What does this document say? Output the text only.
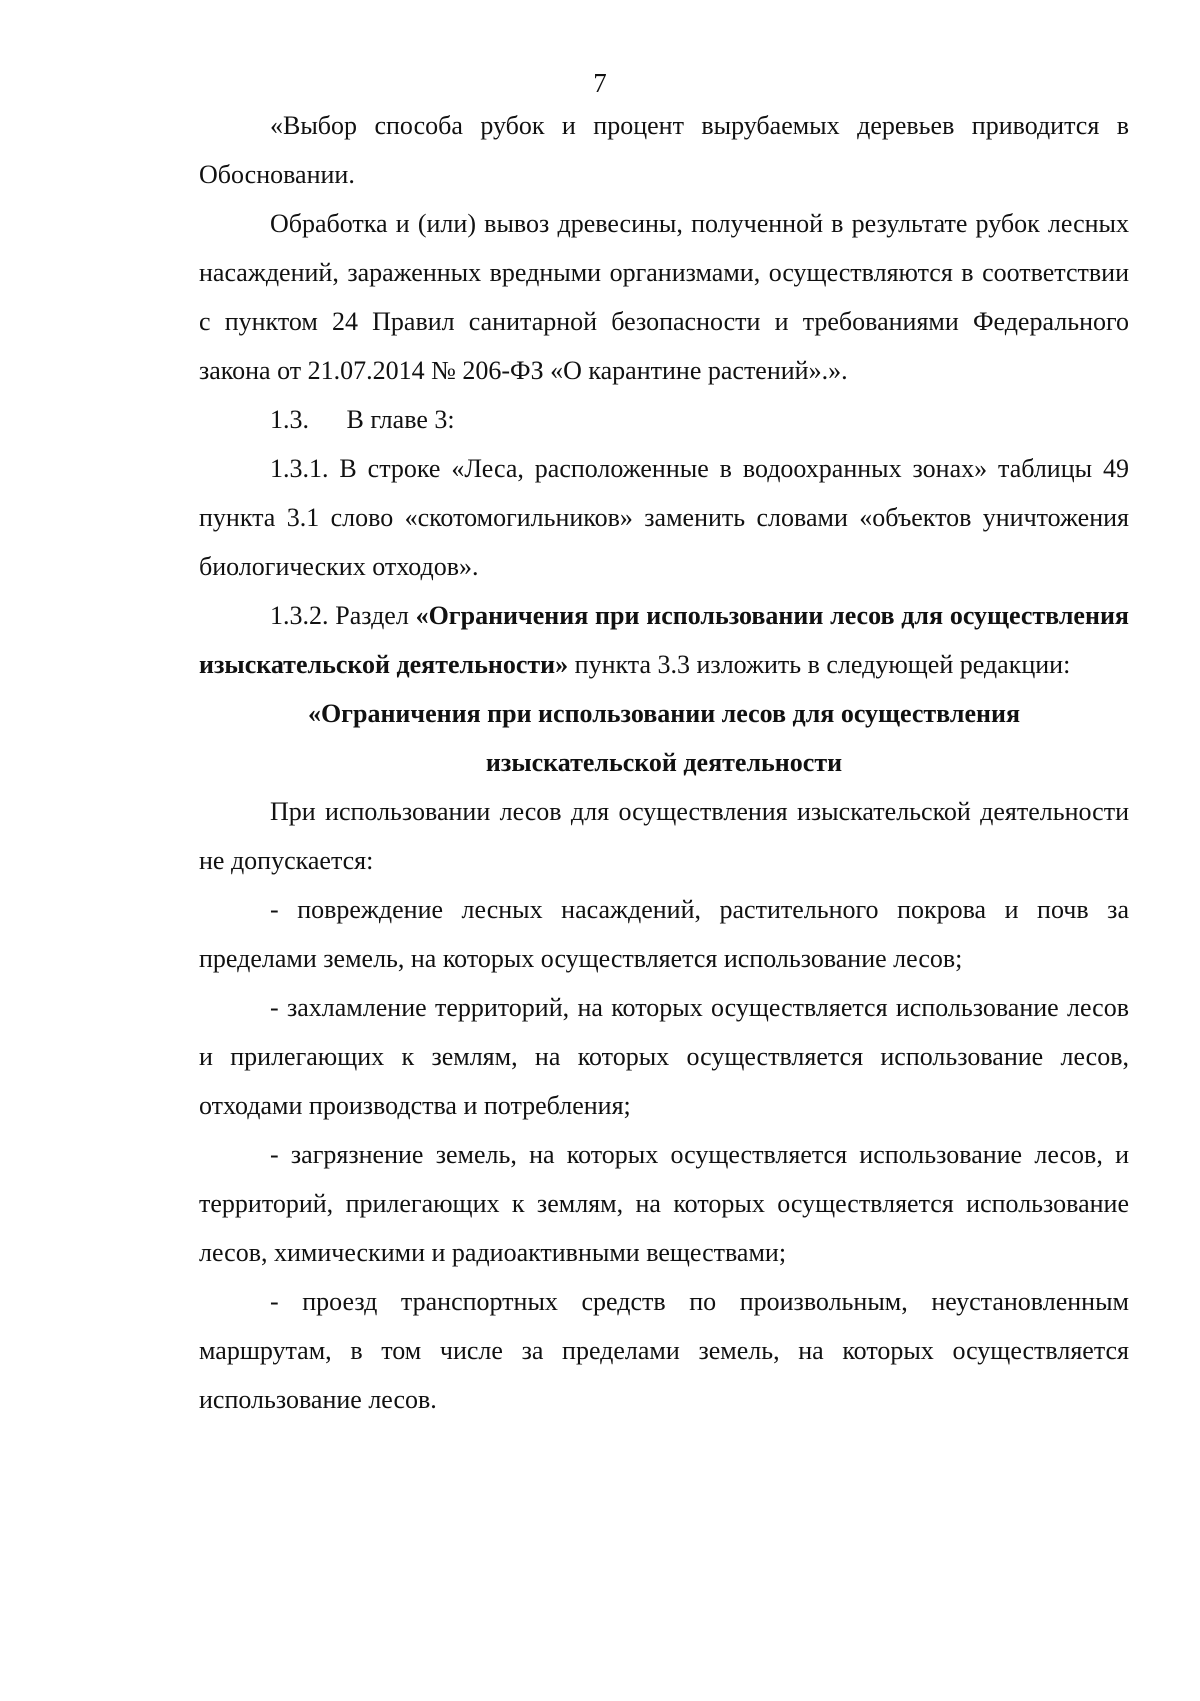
7

«Выбор способа рубок и процент вырубаемых деревьев приводится в Обосновании.

Обработка и (или) вывоз древесины, полученной в результате рубок лесных насаждений, зараженных вредными организмами, осуществляются в соответствии с пунктом 24 Правил санитарной безопасности и требованиями Федерального закона от 21.07.2014 № 206-ФЗ «О карантине растений».».

1.3. В главе 3:

1.3.1. В строке «Леса, расположенные в водоохранных зонах» таблицы 49 пункта 3.1 слово «скотомогильников» заменить словами «объектов уничтожения биологических отходов».

1.3.2. Раздел «Ограничения при использовании лесов для осуществления изыскательской деятельности» пункта 3.3 изложить в следующей редакции:

«Ограничения при использовании лесов для осуществления изыскательской деятельности

При использовании лесов для осуществления изыскательской деятельности не допускается:

- повреждение лесных насаждений, растительного покрова и почв за пределами земель, на которых осуществляется использование лесов;

- захламление территорий, на которых осуществляется использование лесов и прилегающих к землям, на которых осуществляется использование лесов, отходами производства и потребления;

- загрязнение земель, на которых осуществляется использование лесов, и территорий, прилегающих к землям, на которых осуществляется использование лесов, химическими и радиоактивными веществами;

- проезд транспортных средств по произвольным, неустановленным маршрутам, в том числе за пределами земель, на которых осуществляется использование лесов.
